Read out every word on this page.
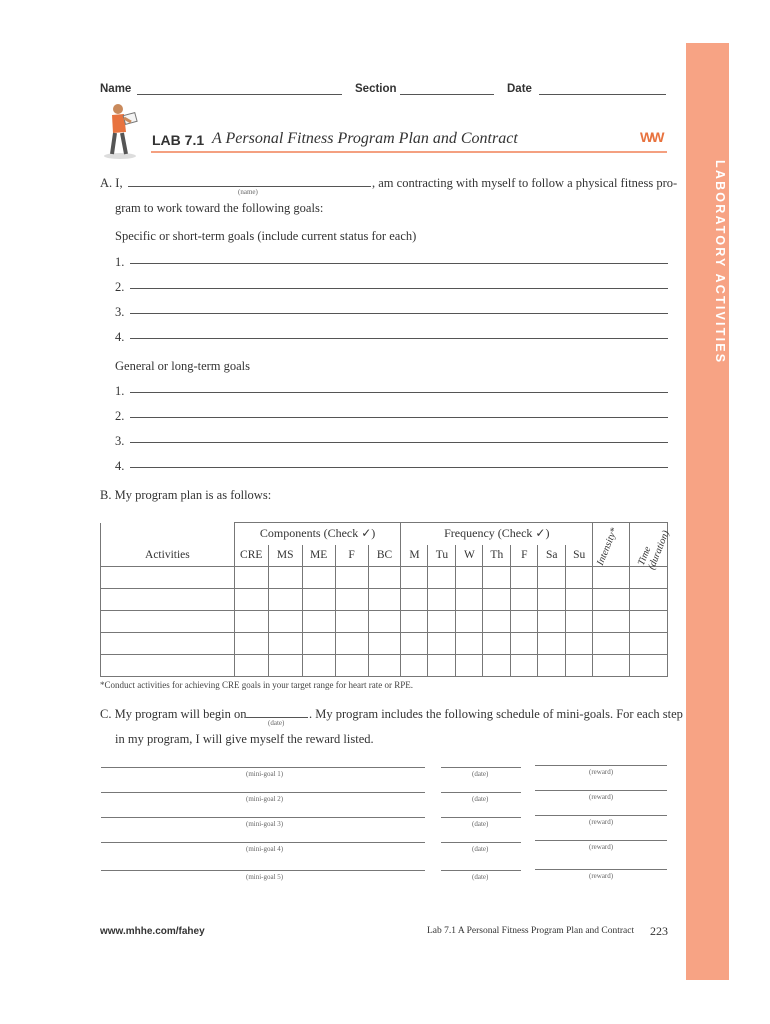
LABORATORY ACTIVITIES
Name	Section	Date
LAB 7.1 A Personal Fitness Program Plan and Contract	WW
A. I,
(name)
, am contracting with myself to follow a physical fitness pro-
gram to work toward the following goals:
Specific or short-term goals (include current status for each)
1.
2.
3.
4.
General or long-term goals
1.
2.
3.
4.
B. My program plan is as follows:
	Components (Check ✓)					Frequency (Check ✓)							Intensity*	Time (duration)

Activities	CRE	MS	ME	F	BC	M	Tu	W	Th	F	Sa	Su		

*Conduct activities for achieving CRE goals in your target range for heart rate or RPE.
C. My program will begin on
(date)
. My program includes the following schedule of mini-goals. For each step
in my program, I will give myself the reward listed.
(mini-goal 1)	(date)	(reward)
(mini-goal 2)	(date)	(reward)
(mini-goal 3)	(date)	(reward)
(mini-goal 4)	(date)	(reward)
(mini-goal 5)	(date)	(reward)
www.mhhe.com/fahey	Lab 7.1 A Personal Fitness Program Plan and Contract 223
